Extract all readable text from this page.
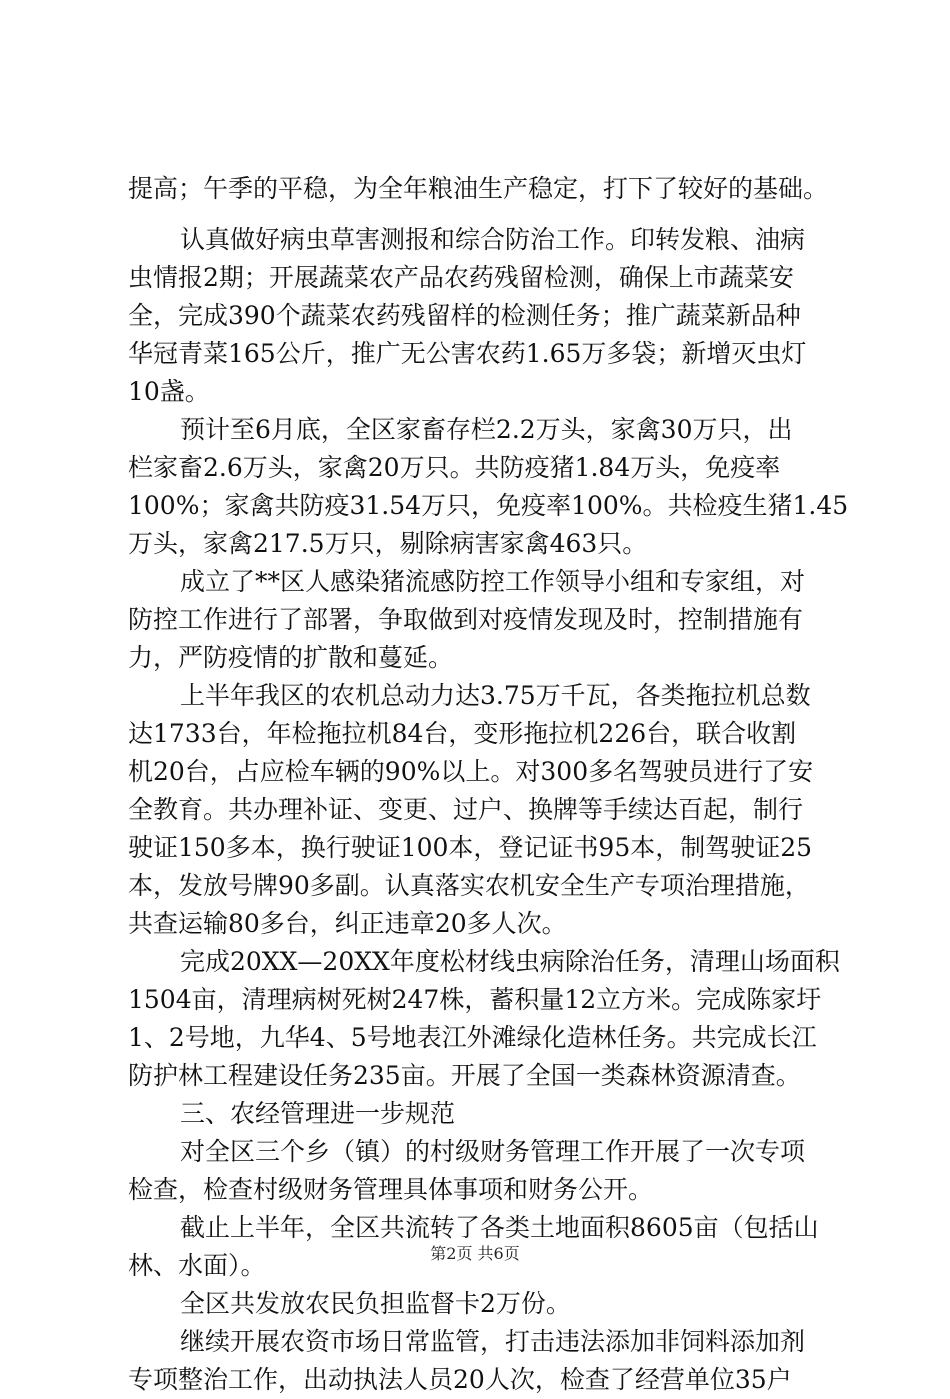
提高；午季的平稳，为全年粮油生产稳定，打下了较好的基础。
认真做好病虫草害测报和综合防治工作。印转发粮、油病
虫情报2期；开展蔬菜农产品农药残留检测，确保上市蔬菜安
全，完成390个蔬菜农药残留样的检测任务；推广蔬菜新品种
华冠青菜165公斤，推广无公害农药1.65万多袋；新增灭虫灯
10盏。
预计至6月底，全区家畜存栏2.2万头，家禽30万只，出
栏家畜2.6万头，家禽20万只。共防疫猪1.84万头，免疫率
100%；家禽共防疫31.54万只，免疫率100%。共检疫生猪1.45
万头，家禽217.5万只，剔除病害家禽463只。
成立了**区人感染猪流感防控工作领导小组和专家组，对
防控工作进行了部署，争取做到对疫情发现及时，控制措施有
力，严防疫情的扩散和蔓延。
上半年我区的农机总动力达3.75万千瓦，各类拖拉机总数
达1733台，年检拖拉机84台，变形拖拉机226台，联合收割
机20台，占应检车辆的90%以上。对300多名驾驶员进行了安
全教育。共办理补证、变更、过户、换牌等手续达百起，制行
驶证150多本，换行驶证100本，登记证书95本，制驾驶证25
本，发放号牌90多副。认真落实农机安全生产专项治理措施，
共查运输80多台，纠正违章20多人次。
完成20XX—20XX年度松材线虫病除治任务，清理山场面积
1504亩，清理病树死树247株，蓄积量12立方米。完成陈家圩
1、2号地，九华4、5号地表江外滩绿化造林任务。共完成长江
防护林工程建设任务235亩。开展了全国一类森林资源清查。
三、农经管理进一步规范
对全区三个乡（镇）的村级财务管理工作开展了一次专项
检查，检查村级财务管理具体事项和财务公开。
截止上半年，全区共流转了各类土地面积8605亩（包括山
林、水面）。
全区共发放农民负担监督卡2万份。
继续开展农资市场日常监管，打击违法添加非饲料添加剂
专项整治工作，出动执法人员20人次，检查了经营单位35户
第2页 共6页
